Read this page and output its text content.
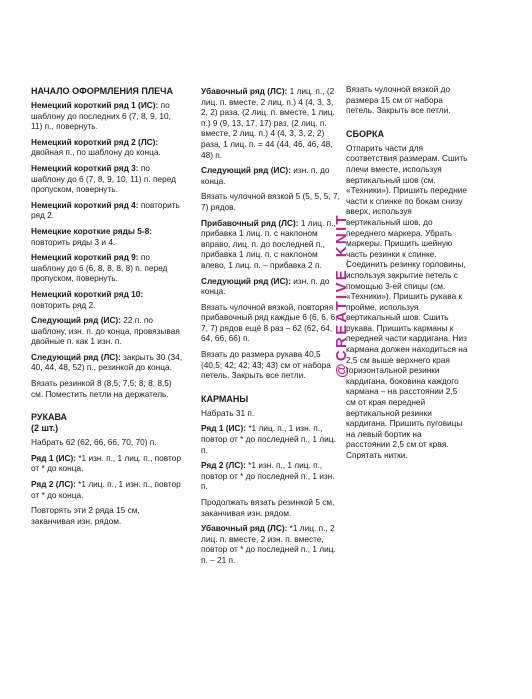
НАЧАЛО ОФОРМЛЕНИЯ ПЛЕЧА

Немецкий короткий ряд 1 (ИС): по шаблону до последних 6 (7, 8, 9, 10, 11) п., повернуть.

Немецкий короткий ряд 2 (ЛС): двойная п., по шаблону до конца.

Немецкий короткий ряд 3: по шаблону до 6 (7, 8, 9, 10, 11) п. перед пропуском, повернуть.

Немецкий короткий ряд 4: повторить ряд 2.

Немецкие короткие ряды 5-8: повторить ряды 3 и 4.

Немецкий короткий ряд 9: по шаблону до 6 (6, 8, 8, 8, 8) п. перед пропуском, повернуть.

Немецкий короткий ряд 10: повторить ряд 2.

Следующий ряд (ИС): 22 п. по шаблону, изн. п. до конца, провязывая двойные п. как 1 изн. п.

Следующий ряд (ЛС): закрыть 30 (34, 40, 44, 48, 52) п., резинкой до конца.

Вязать резинкой 8 (8,5; 7,5; 8; 8; 8,5) см. Поместить петли на держатель.

РУКАВА
(2 шт.)

Набрать 62 (62, 66, 66, 70, 70) п.

Ряд 1 (ИС): *1 изн. п., 1 лиц. п., повтор от * до конца.

Ряд 2 (ЛС): *1 лиц. п., 1 изн. п., повтор от * до конца.

Повторять эти 2 ряда 15 см, заканчивая изн. рядом.

Убавочный ряд (ЛС): 1 лиц. п., (2 лиц. п. вместе, 2 лиц. п.) 4 (4, 3, 3, 2, 2) раза, (2 лиц. п. вместе, 1 лиц. п.) 9 (9, 13, 17, 17) раз, (2 лиц. п. вместе, 2 лиц. п.) 4 (4, 3, 3, 2, 2) раза, 1 лиц. п. = 44 (44, 46, 46, 48, 48) п.

Следующий ряд (ИС): изн. п. до конца.

Вязать чулочной вязкой 5 (5, 5, 5, 7, 7) рядов.

Прибавочный ряд (ЛС): 1 лиц. п., прибавка 1 лиц. п. с наклоном вправо, лиц. п. до последней п., прибавка 1 лиц. п. с наклоном влево, 1 лиц. п. – прибавка 2 п.

Следующий ряд (ИС): изн. п. до конца.

Вязать чулочной вязкой, повторяя прибавочный ряд каждые 6 (6, 6, 6, 7, 7) рядов ещё 8 раз – 62 (62, 64, 64, 66, 66) п.

Вязать до размера рукава 40,5 (40,5; 42; 42; 43; 43) см от набора петель. Закрыть все петли.

КАРМАНЫ

Набрать 31 п.

Ряд 1 (ИС): *1 лиц. п., 1 изн. п., повтор от * до последней п., 1 лиц. п.

Ряд 2 (ЛС): *1 изн. п., 1 лиц. п., повтор от * до последней п., 1 изн. п.

Продолжать вязать резинкой 5 см, заканчивая изн. рядом.

Убавочный ряд (ЛС): *1 лиц. п., 2 лиц. п. вместе, 2 изн. п. вместе, повтор от * до последней п., 1 лиц. п. – 21 п.

@CREATIVE_KNIT

Вязать чулочной вязкой до размера 15 см от набора петель. Закрыть все петли.

СБОРКА

Отпарить части для соответствия размерам. Сшить плечи вместе, используя вертикальный шов (см. «Техники»). Пришить передние части к спинке по бокам снизу вверх, используя вертикальный шов, до переднего маркера. Убрать маркеры. Пришить шейную часть резинки к спинке. Соединить резинку горловины, используя закрытие петель с помощью 3-ей спицы (см. «Техники»). Пришить рукава к пройме, используя вертикальный шов. Сшить рукава. Пришить карманы к передней части кардигана. Низ кармана должен находиться на 2,5 см выше верхнего края горизонтальной резинки кардигана, боковина каждого кармана – на расстоянии 2,5 см от края передней вертикальной резинки кардигана. Пришить пуговицы на левый бортик на расстоянии 2,5 см от края. Спрятать нитки.
